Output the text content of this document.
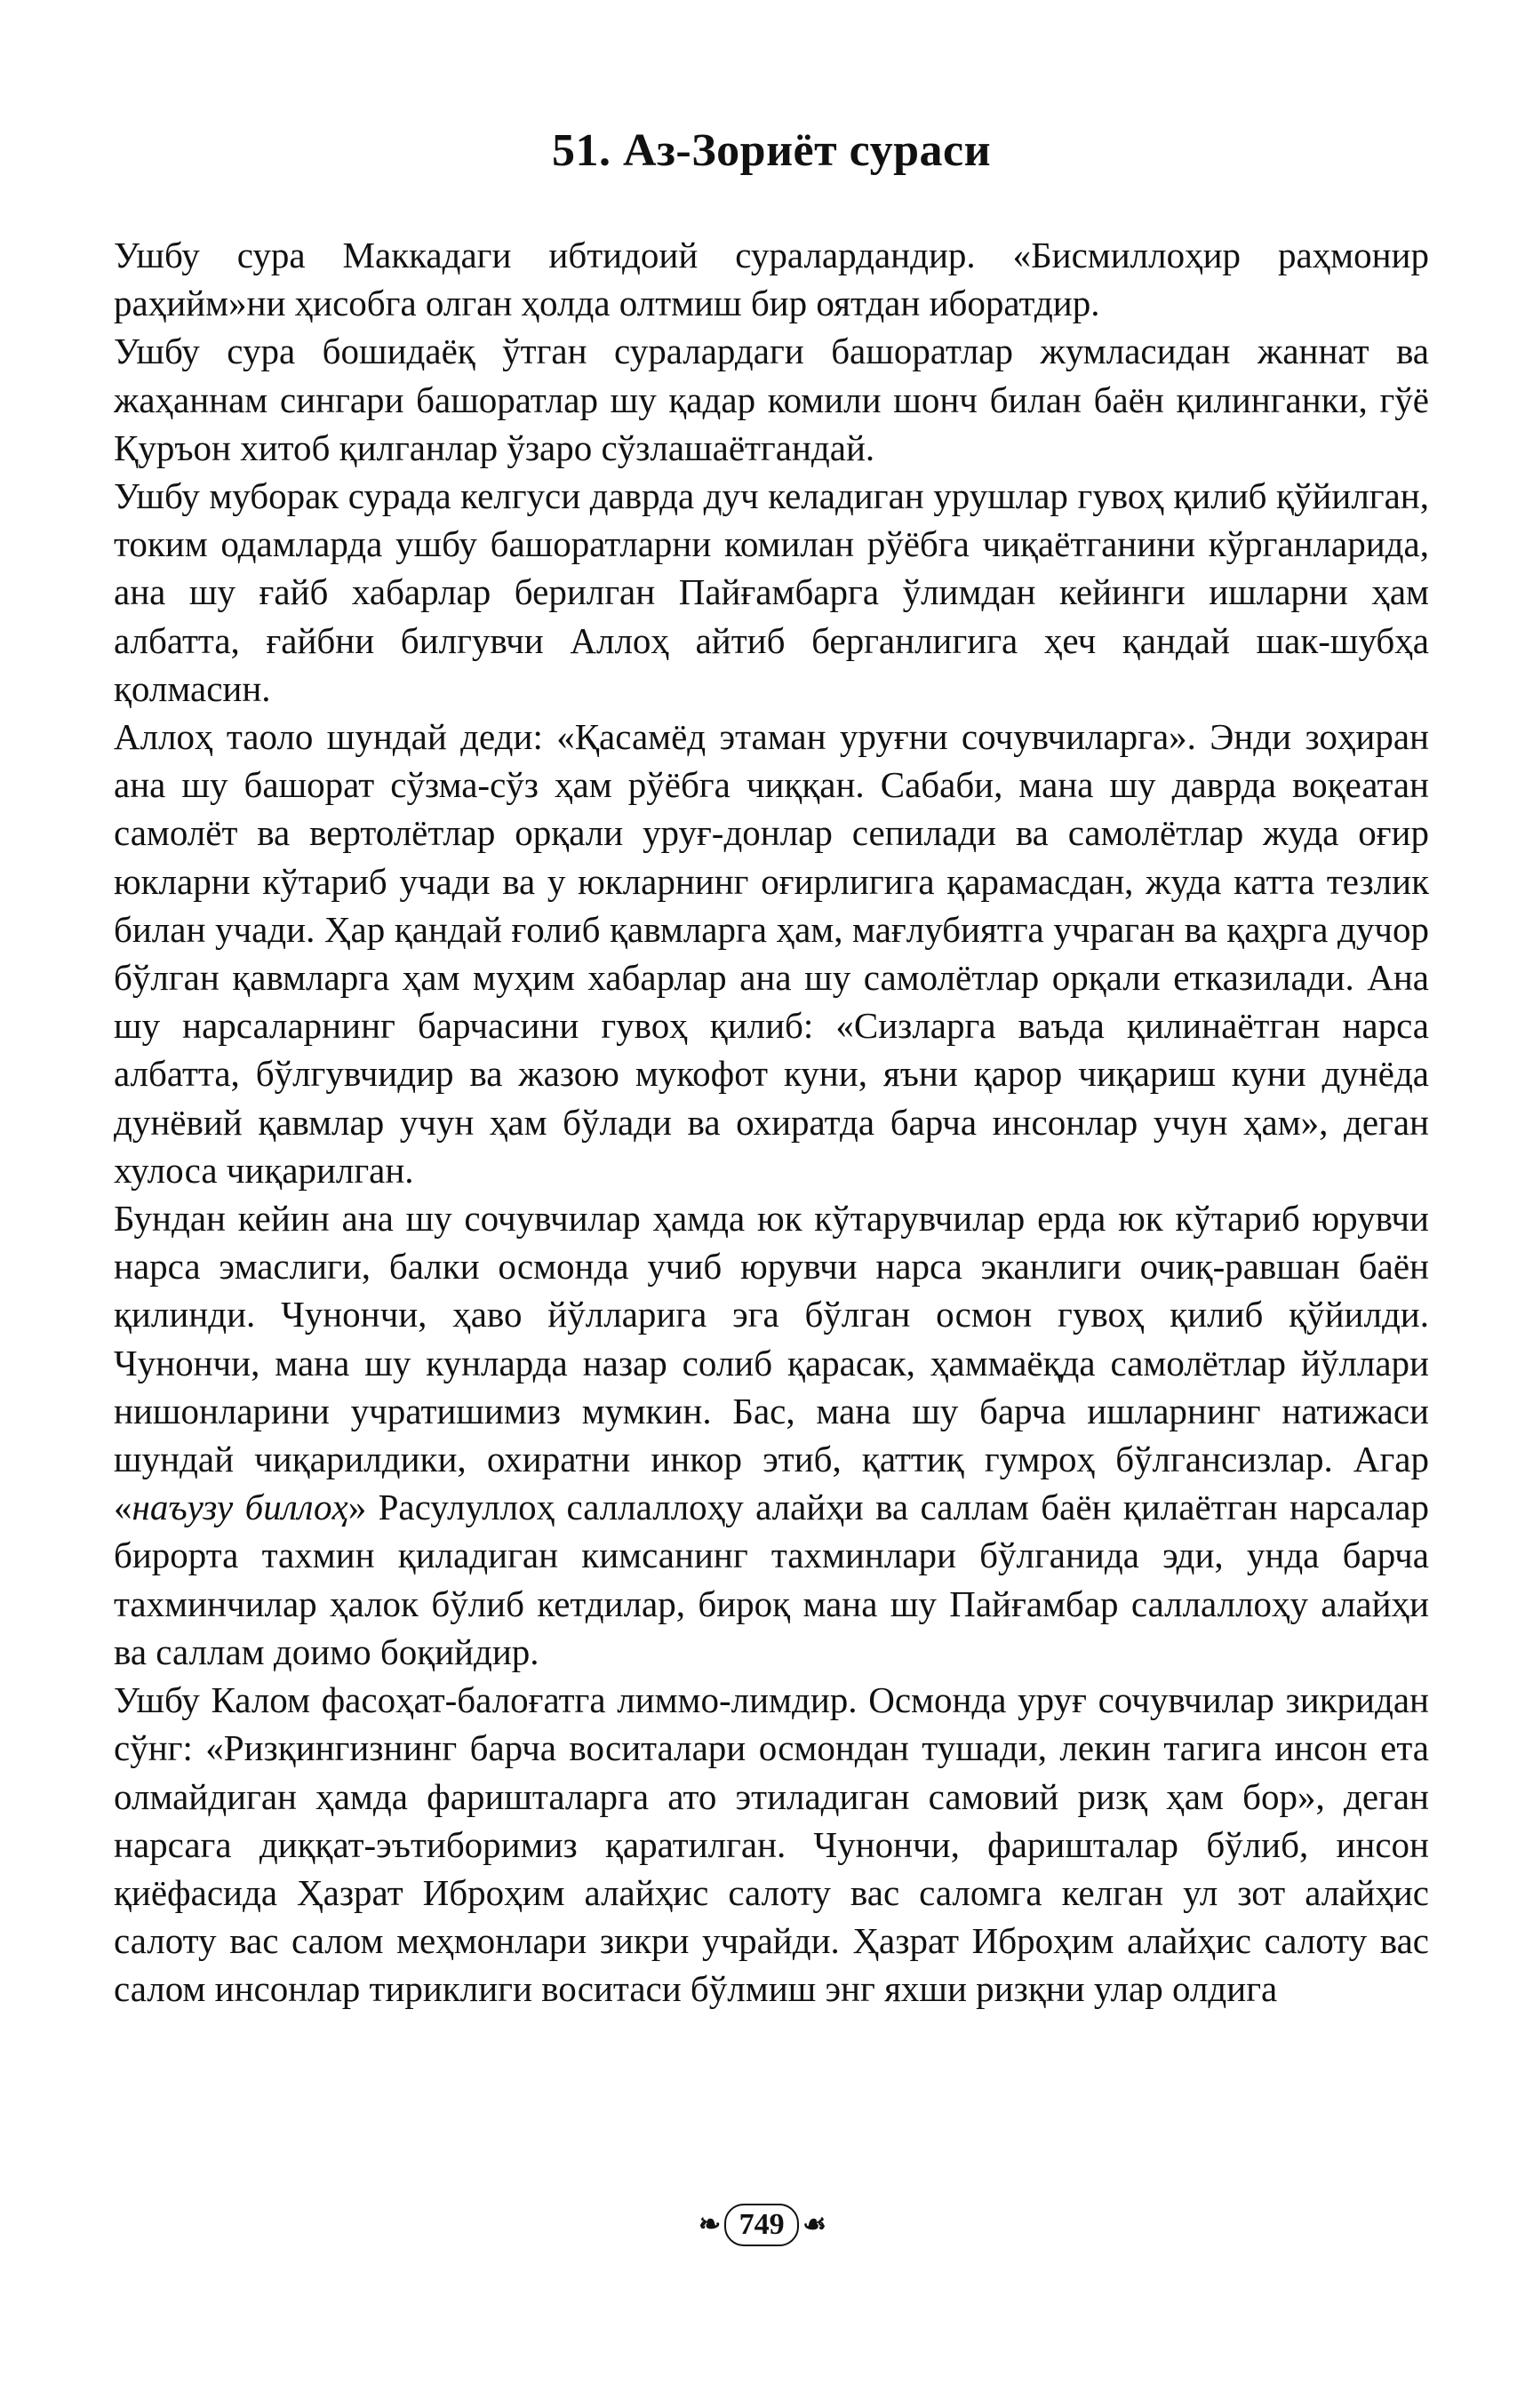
51. Аз-Зориёт сураси

Ушбу сура Маккадаги ибтидоий суралардандир. «Бисмиллоҳир раҳмонир раҳийм»ни ҳисобга олган ҳолда олтмиш бир оятдан иборатдир.

Ушбу сура бошидаёқ ўтган суралардаги башоратлар жумласидан жаннат ва жаҳаннам сингари башоратлар шу қадар комили шонч билан баён қилинганки, гўё Қуръон хитоб қилганлар ўзаро сўзлашаётгандай.

Ушбу муборак сурада келгуси даврда дуч келадиган урушлар гувоҳ қилиб қўйилган, токим одамларда ушбу башоратларни комилан рўёбга чиқаётганини кўрганларида, ана шу ғайб хабарлар берилган Пайғамбарга ўлимдан кейинги ишларни ҳам албатта, ғайбни билгувчи Аллоҳ айтиб берганлигига ҳеч қандай шак-шубҳа қолмасин.

Аллоҳ таоло шундай деди: «Қасамёд этаман уруғни сочувчиларга». Энди зоҳиран ана шу башорат сўзма-сўз ҳам рўёбга чиққан. Сабаби, мана шу даврда воқеатан самолёт ва вертолётлар орқали уруғ-донлар сепилади ва самолётлар жуда оғир юкларни кўтариб учади ва у юкларнинг оғирлигига қарамасдан, жуда катта тезлик билан учади. Ҳар қандай ғолиб қавмларга ҳам, мағлубиятга учраган ва қаҳрга дучор бўлган қавмларга ҳам муҳим хабарлар ана шу самолётлар орқали етказилади. Ана шу нарсаларнинг барчасини гувоҳ қилиб: «Сизларга ваъда қилинаётган нарса албатта, бўлгувчидир ва жазою мукофот куни, яъни қарор чиқариш куни дунёда дунёвий қавмлар учун ҳам бўлади ва охиратда барча инсонлар учун ҳам», деган хулоса чиқарилган.

Бундан кейин ана шу сочувчилар ҳамда юк кўтарувчилар ерда юк кўтариб юрувчи нарса эмаслиги, балки осмонда учиб юрувчи нарса эканлиги очиқ-равшан баён қилинди. Чунончи, ҳаво йўлларига эга бўлган осмон гувоҳ қилиб қўйилди. Чунончи, мана шу кунларда назар солиб қарасак, ҳаммаёқда самолётлар йўллари нишонларини учратишимиз мумкин. Бас, мана шу барча ишларнинг натижаси шундай чиқарилдики, охиратни инкор этиб, қаттиқ гумроҳ бўлгансизлар. Агар «наъузу биллоҳ» Расулуллоҳ саллаллоҳу алайҳи ва саллам баён қилаётган нарсалар бирорта тахмин қиладиган кимсанинг тахминлари бўлганида эди, унда барча тахминчилар ҳалок бўлиб кетдилар, бироқ мана шу Пайғамбар саллаллоҳу алайҳи ва саллам доимо боқийдир.

Ушбу Калом фасоҳат-балоғатга лиммо-лимдир. Осмонда уруғ сочувчилар зикридан сўнг: «Ризқингизнинг барча воситалари осмондан тушади, лекин тагига инсон ета олмайдиган ҳамда фаришталарга ато этиладиган самовий ризқ ҳам бор», деган нарсага диққат-эътиборимиз қаратилган. Чунончи, фаришталар бўлиб, инсон қиёфасида Ҳазрат Иброҳим алайҳис салоту вас саломга келган ул зот алайҳис салоту вас салом меҳмонлари зикри учрайди. Ҳазрат Иброҳим алайҳис салоту вас салом инсонлар тириклиги воситаси бўлмиш энг яхши ризқни улар олдига

❧ 749 ☙
